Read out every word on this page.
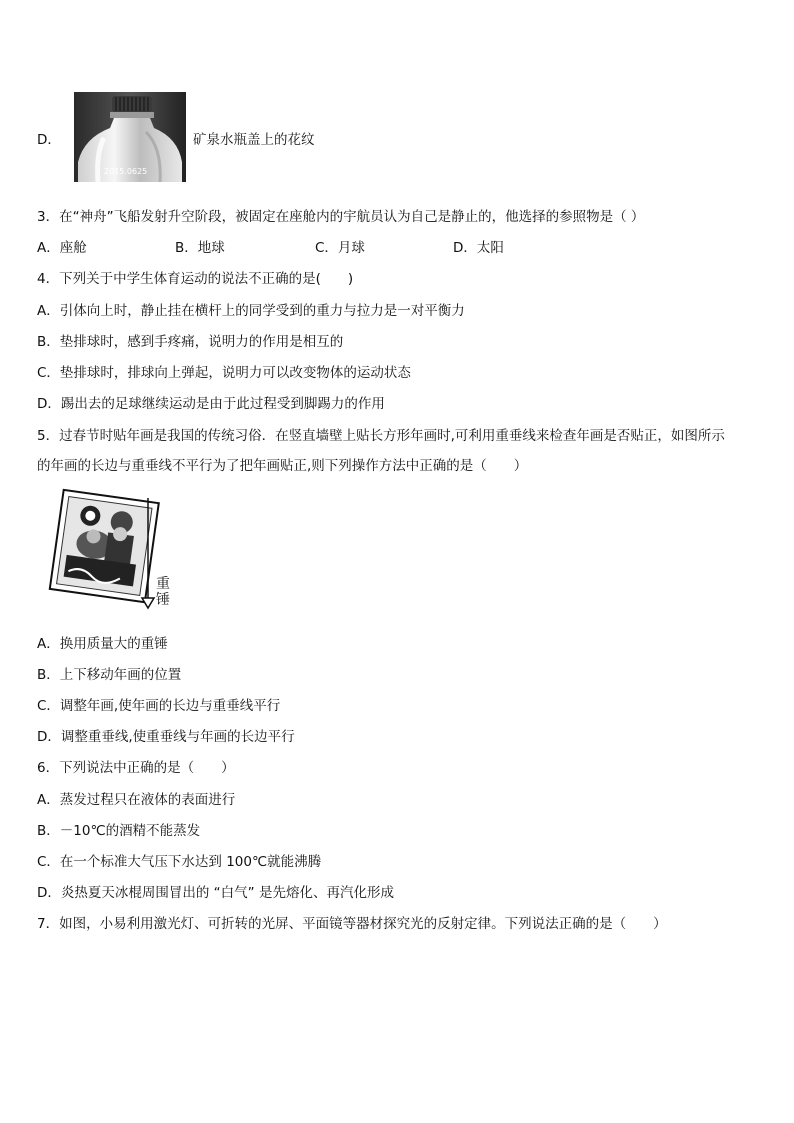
D．
2015.0625
矿泉水瓶盖上的花纹
3．在“神舟”飞船发射升空阶段，被固定在座舱内的宇航员认为自己是静止的，他选择的参照物是（ ）
A．座舱	B．地球	C．月球	D．太阳
4．下列关于中学生体育运动的说法不正确的是(　　)
A．引体向上时，静止挂在横杆上的同学受到的重力与拉力是一对平衡力
B．垫排球时，感到手疼痛，说明力的作用是相互的
C．垫排球时，排球向上弹起，说明力可以改变物体的运动状态
D．踢出去的足球继续运动是由于此过程受到脚踢力的作用
5．过春节时贴年画是我国的传统习俗．在竖直墙壁上贴长方形年画时,可利用重垂线来检查年画是否贴正，如图所示
的年画的长边与重垂线不平行为了把年画贴正,则下列操作方法中正确的是（　　）
重锤
A．换用质量大的重锤
B．上下移动年画的位置
C．调整年画,使年画的长边与重垂线平行
D．调整重垂线,使重垂线与年画的长边平行
6．下列说法中正确的是（　　）
A．蒸发过程只在液体的表面进行
B．－10℃的酒精不能蒸发
C．在一个标准大气压下水达到 100℃就能沸腾
D．炎热夏天冰棍周围冒出的 “白气” 是先熔化、再汽化形成
7．如图，小易利用激光灯、可折转的光屏、平面镜等器材探究光的反射定律。下列说法正确的是（　　）
